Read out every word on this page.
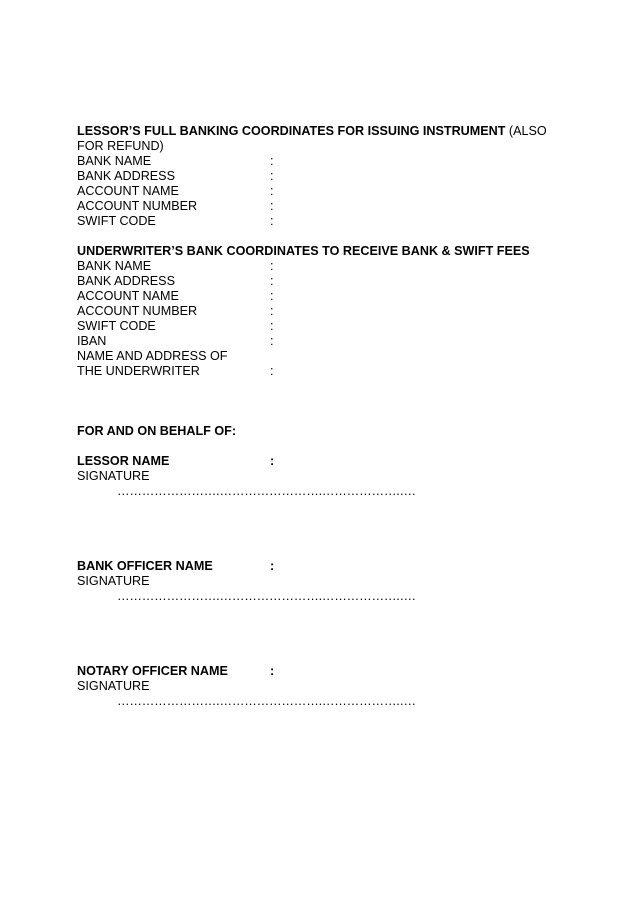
LESSOR’S FULL BANKING COORDINATES FOR ISSUING INSTRUMENT (ALSO
FOR REFUND)
BANK NAME	:
BANK ADDRESS	:
ACCOUNT NAME	:
ACCOUNT NUMBER	:
SWIFT CODE	:
UNDERWRITER’S BANK COORDINATES TO RECEIVE BANK & SWIFT FEES
BANK NAME	:
BANK ADDRESS	:
ACCOUNT NAME	:
ACCOUNT NUMBER	:
SWIFT CODE	:
IBAN	:
NAME AND ADDRESS OF
THE UNDERWRITER	:
FOR AND ON BEHALF OF:
LESSOR NAME	:
SIGNATURE
…………………….…………………….……………….….
BANK OFFICER NAME	:
SIGNATURE
…………………….…………………….……………….….
NOTARY OFFICER NAME	:
SIGNATURE
…………………….…………………….……………….….
